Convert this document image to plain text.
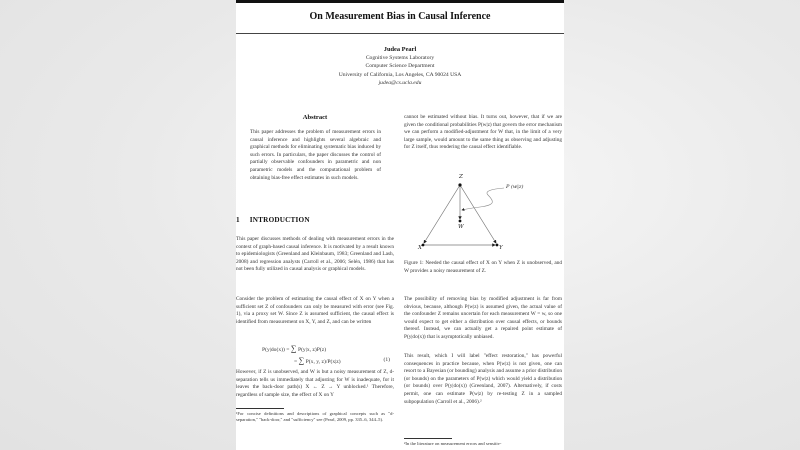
On Measurement Bias in Causal Inference
Judea Pearl
Cognitive Systems Laboratory
Computer Science Department
University of California, Los Angeles, CA 90024 USA
judea@cs.ucla.edu
Abstract
This paper addresses the problem of measurement errors in causal inference and highlights several algebraic and graphical methods for eliminating systematic bias induced by such errors. In particulars, the paper discusses the control of partially observable confounders in parametric and non parametric models and the computational problem of obtaining bias-free effect estimates in such models.
1 INTRODUCTION
This paper discusses methods of dealing with measurement errors in the context of graph-based causal inference. It is motivated by a result known to epidemiologists (Greenland and Kleinbaum, 1983; Greenland and Lash, 2008) and regression analysts (Carroll et al., 2006; Selén, 1986) that has not been fully utilized in causal analysis or graphical models.
Consider the problem of estimating the causal effect of X on Y when a sufficient set Z of confounders can only be measured with error (see Fig. 1), via a proxy set W. Since Z is assumed sufficient, the causal effect is identified from measurement on X, Y, and Z, and can be written
P(y|do(x)) = ∑ P(y|x, z)P(z)
= ∑ P(x, y, z)/P(x|z)	(1)
However, if Z is unobserved, and W is but a noisy measurement of Z, d-separation tells us immediately that adjusting for W is inadequate, for it leaves the back-door path(s) X ← Z → Y unblocked.¹ Therefore, regardless of sample size, the effect of X on Y
¹For concise definitions and descriptions of graphical concepts such as "d-separation," "back-door," and "sufficiency" see (Pearl, 2009, pp. 335–6, 344–5).
cannot be estimated without bias. It turns out, however, that if we are given the conditional probabilities P(w|z) that govern the error mechanism we can perform a modified-adjustment for W that, in the limit of a very large sample, would amount to the same thing as observing and adjusting for Z itself, thus rendering the causal effect identifiable.
Z
W
X	Y
P (w|z)
Figure 1: Needed the causal effect of X on Y when Z is unobserved, and W provides a noisy measurement of Z.
The possibility of removing bias by modified adjustment is far from obvious, because, although P(w|z) is assumed given, the actual value of the confounder Z remains uncertain for each measurement W = w, so one would expect to get either a distribution over causal effects, or bounds thereof. Instead, we can actually get a repaired point estimate of P(y|do(x)) that is asymptotically unbiased.
This result, which I will label "effect restoration," has powerful consequences in practice because, when P(w|z) is not given, one can resort to a Bayesian (or bounding) analysis and assume a prior distribution (or bounds) on the parameters of P(w|z) which would yield a distribution (or bounds) over P(y|do(x)) (Greenland, 2007). Alternatively, if costs permit, one can estimate P(w|z) by re-testing Z in a sampled subpopulation (Carroll et al., 2006).²
²In the literature on measurement errors and sensitiv-
